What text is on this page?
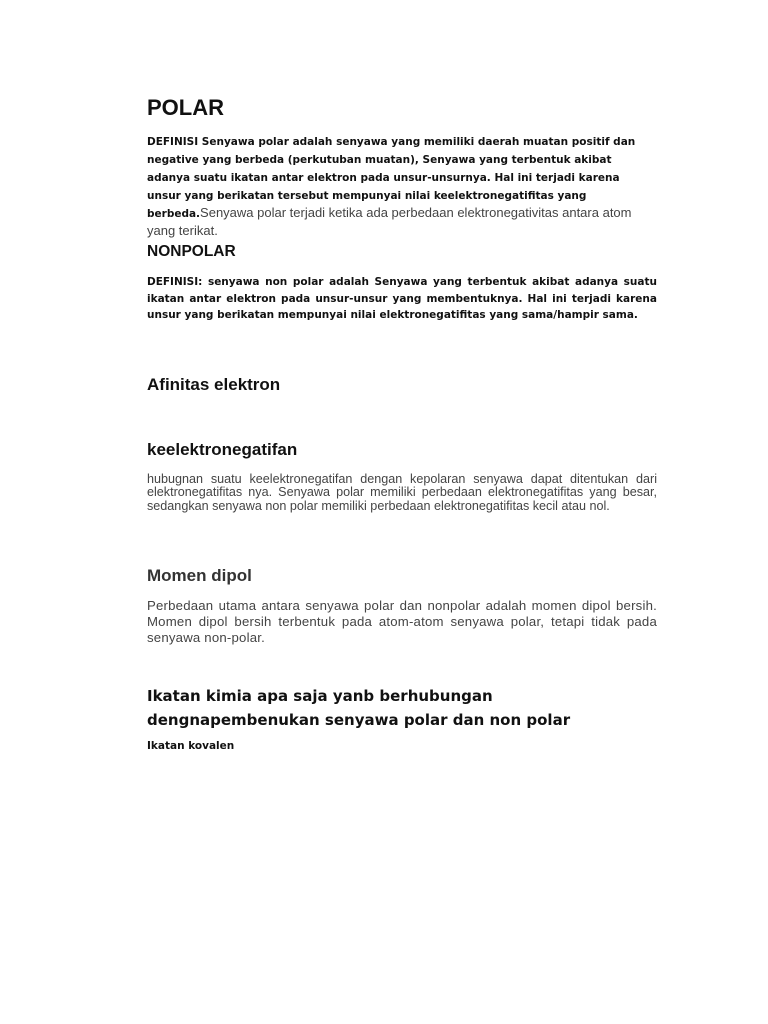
POLAR

DEFINISI Senyawa polar adalah senyawa yang memiliki daerah muatan positif dan negative yang berbeda (perkutuban muatan), Senyawa yang terbentuk akibat adanya suatu ikatan antar elektron pada unsur-unsurnya. Hal ini terjadi karena unsur yang berikatan tersebut mempunyai nilai keelektronegatifitas yang berbeda.Senyawa polar terjadi ketika ada perbedaan elektronegativitas antara atom yang terikat.

NONPOLAR

DEFINISI: senyawa non polar adalah Senyawa yang terbentuk akibat adanya suatu ikatan antar elektron pada unsur-unsur yang membentuknya. Hal ini terjadi karena unsur yang berikatan mempunyai nilai elektronegatifitas yang sama/hampir sama.

Afinitas elektron
keelektronegatifan

hubugnan suatu keelektronegatifan dengan kepolaran senyawa dapat ditentukan dari elektronegatifitas nya. Senyawa polar memiliki perbedaan elektronegatifitas yang besar, sedangkan senyawa non polar memiliki perbedaan elektronegatifitas kecil atau nol.

Momen dipol

Perbedaan utama antara senyawa polar dan nonpolar adalah momen dipol bersih. Momen dipol bersih terbentuk pada atom-atom senyawa polar, tetapi tidak pada senyawa non-polar.

Ikatan kimia apa saja yanb berhubungan dengnapembenukan senyawa polar dan non polar

Ikatan kovalen
